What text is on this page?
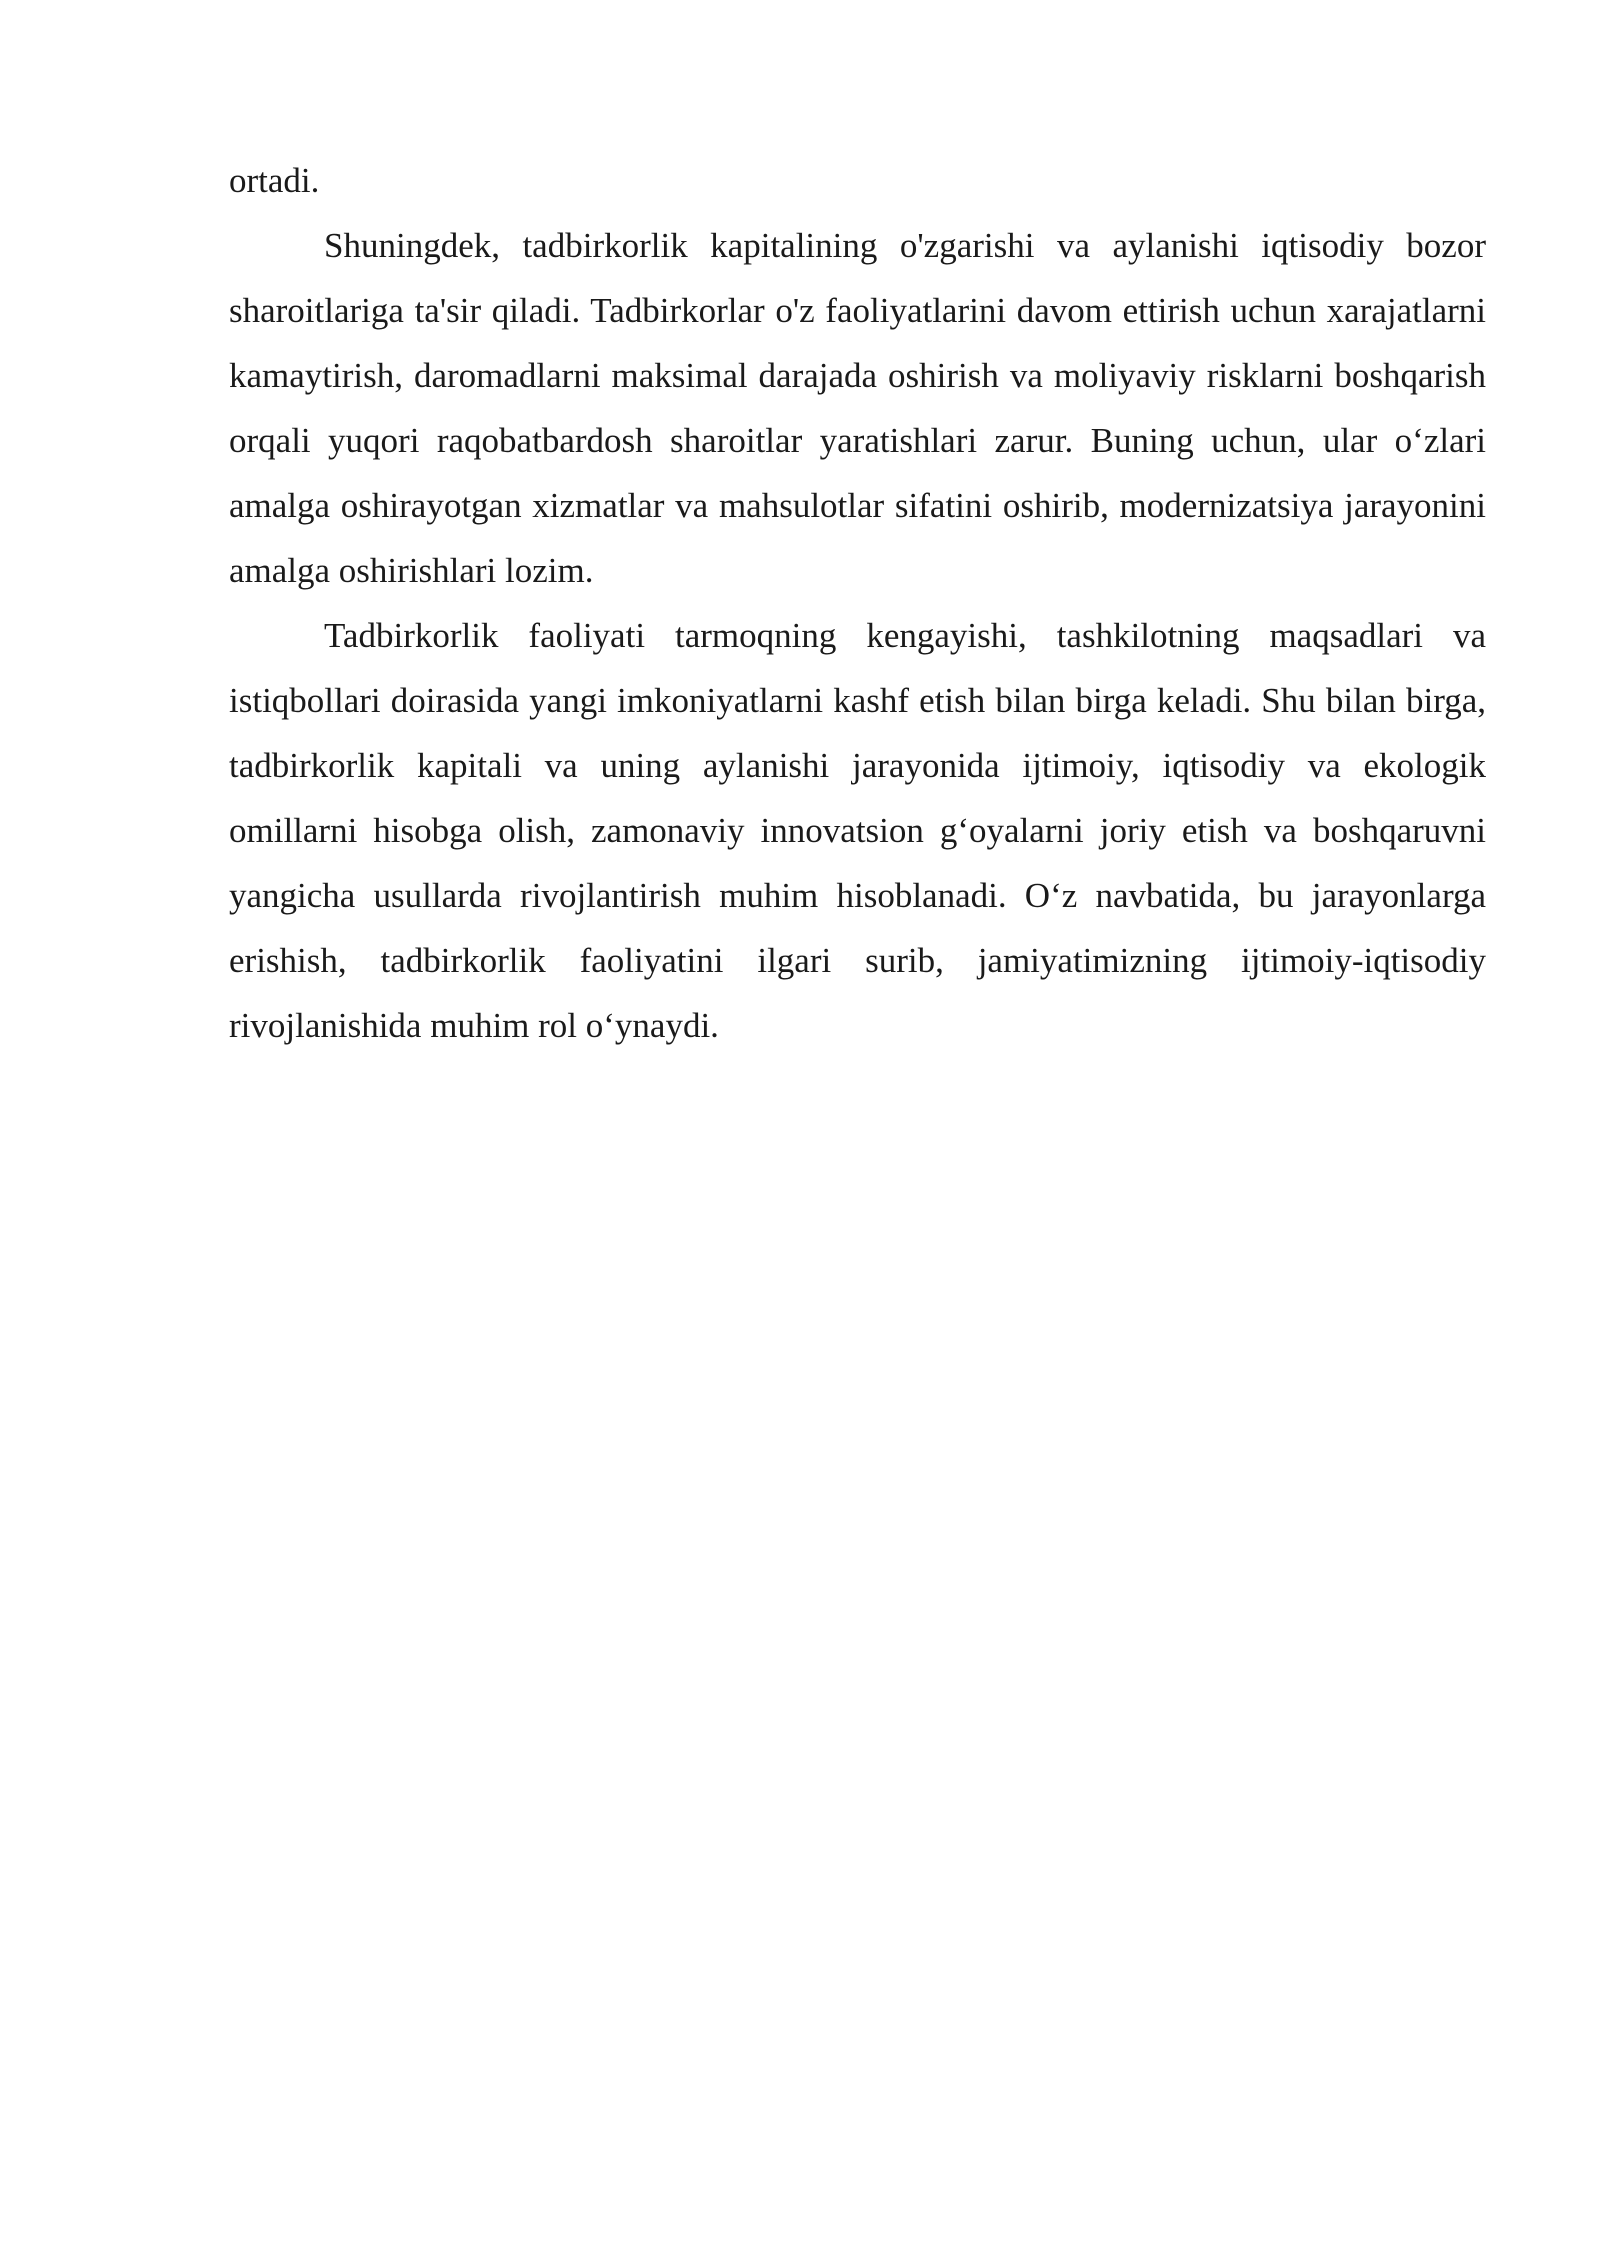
ortadi.

Shuningdek, tadbirkorlik kapitalining o'zgarishi va aylanishi iqtisodiy bozor sharoitlariga ta'sir qiladi. Tadbirkorlar o'z faoliyatlarini davom ettirish uchun xarajatlarni kamaytirish, daromadlarni maksimal darajada oshirish va moliyaviy risklarni boshqarish orqali yuqori raqobatbardosh sharoitlar yaratishlari zarur. Buning uchun, ular o‘zlari amalga oshirayotgan xizmatlar va mahsulotlar sifatini oshirib, modernizatsiya jarayonini amalga oshirishlari lozim.

Tadbirkorlik faoliyati tarmoqning kengayishi, tashkilotning maqsadlari va istiqbollari doirasida yangi imkoniyatlarni kashf etish bilan birga keladi. Shu bilan birga, tadbirkorlik kapitali va uning aylanishi jarayonida ijtimoiy, iqtisodiy va ekologik omillarni hisobga olish, zamonaviy innovatsion g‘oyalarni joriy etish va boshqaruvni yangicha usullarda rivojlantirish muhim hisoblanadi. O‘z navbatida, bu jarayonlarga erishish, tadbirkorlik faoliyatini ilgari surib, jamiyatimizning ijtimoiy-iqtisodiy rivojlanishida muhim rol o‘ynaydi.
